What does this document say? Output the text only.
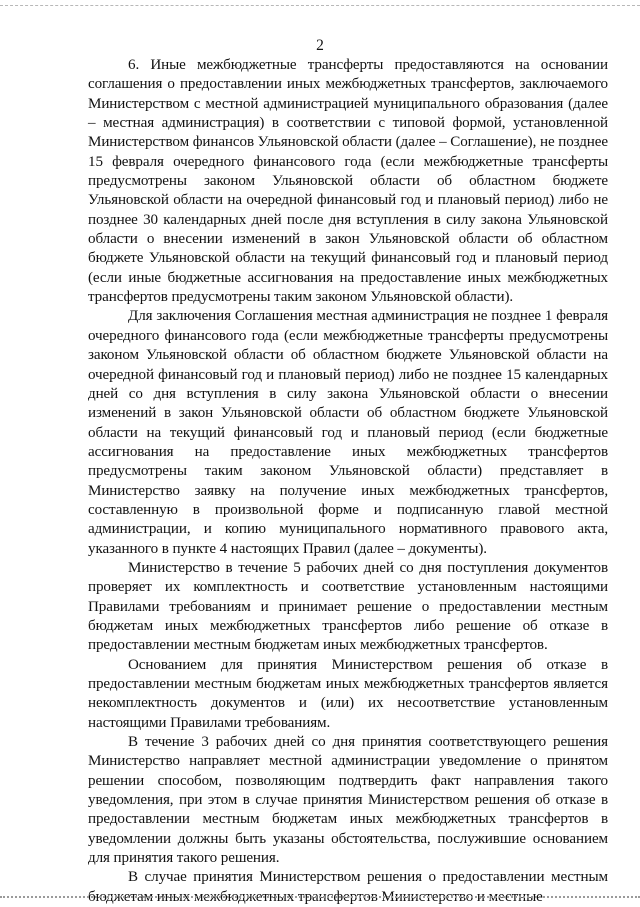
2

6. Иные межбюджетные трансферты предоставляются на основании соглашения о предоставлении иных межбюджетных трансфертов, заключаемого Министерством с местной администрацией муниципального образования (далее – местная администрация) в соответствии с типовой формой, установленной Министерством финансов Ульяновской области (далее – Соглашение), не позднее 15 февраля очередного финансового года (если межбюджетные трансферты предусмотрены законом Ульяновской области об областном бюджете Ульяновской области на очередной финансовый год и плановый период) либо не позднее 30 календарных дней после дня вступления в силу закона Ульяновской области о внесении изменений в закон Ульяновской области об областном бюджете Ульяновской области на текущий финансовый год и плановый период (если иные бюджетные ассигнования на предоставление иных межбюджетных трансфертов предусмотрены таким законом Ульяновской области).

Для заключения Соглашения местная администрация не позднее 1 февраля очередного финансового года (если межбюджетные трансферты предусмотрены законом Ульяновской области об областном бюджете Ульяновской области на очередной финансовый год и плановый период) либо не позднее 15 календарных дней со дня вступления в силу закона Ульяновской области о внесении изменений в закон Ульяновской области об областном бюджете Ульяновской области на текущий финансовый год и плановый период (если бюджетные ассигнования на предоставление иных межбюджетных трансфертов предусмотрены таким законом Ульяновской области) представляет в Министерство заявку на получение иных межбюджетных трансфертов, составленную в произвольной форме и подписанную главой местной администрации, и копию муниципального нормативного правового акта, указанного в пункте 4 настоящих Правил (далее – документы).

Министерство в течение 5 рабочих дней со дня поступления документов проверяет их комплектность и соответствие установленным настоящими Правилами требованиям и принимает решение о предоставлении местным бюджетам иных межбюджетных трансфертов либо решение об отказе в предоставлении местным бюджетам иных межбюджетных трансфертов.

Основанием для принятия Министерством решения об отказе в предоставлении местным бюджетам иных межбюджетных трансфертов является некомплектность документов и (или) их несоответствие установленным настоящими Правилами требованиям.

В течение 3 рабочих дней со дня принятия соответствующего решения Министерство направляет местной администрации уведомление о принятом решении способом, позволяющим подтвердить факт направления такого уведомления, при этом в случае принятия Министерством решения об отказе в предоставлении местным бюджетам иных межбюджетных трансфертов в уведомлении должны быть указаны обстоятельства, послужившие основанием для принятия такого решения.

В случае принятия Министерством решения о предоставлении местным бюджетам иных межбюджетных трансфертов Министерство и местные
